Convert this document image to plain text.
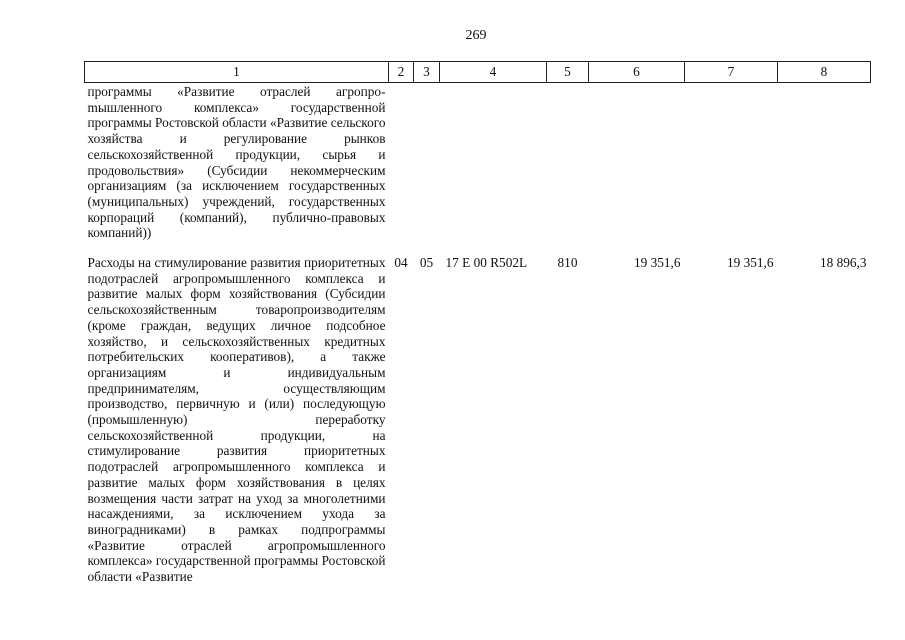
269
1	2	3	4	5	6	7	8
программы «Развитие отраслей агропроmышленного комплекса» государственной программы Ростовской области «Развитие сельского хозяйства и регулирование рынков сельскохозяйственной продукции, сырья и продовольствия» (Субсидии некоммерческим организациям (за исключением государственных (муниципальных) учреждений, государственных корпораций (компаний), публично-правовых компаний))							
Расходы на стимулирование развития приоритетных подотраслей агропромышленного комплекса и развитие малых форм хозяйствования (Субсидии сельскохозяйственным товаропроизводителям (кроме граждан, ведущих личное подсобное хозяйство, и сельскохозяйственных кредитных потребительских кооперативов), а также организациям и индивидуальным предпринимателям, осуществляющим производство, первичную и (или) последующую (промышленную) переработку сельскохозяйственной продукции, на стимулирование развития приоритетных подотраслей агропромышленного комплекса и развитие малых форм хозяйствования в целях возмещения части затрат на уход за многолетними насаждениями, за исключением ухода за виноградниками) в рамках подпрограммы «Развитие отраслей агропромышленного комплекса» государственной программы Ростовской области «Развитие	04	05	17 Е 00 R502L	810	19 351,6	19 351,6	18 896,3
